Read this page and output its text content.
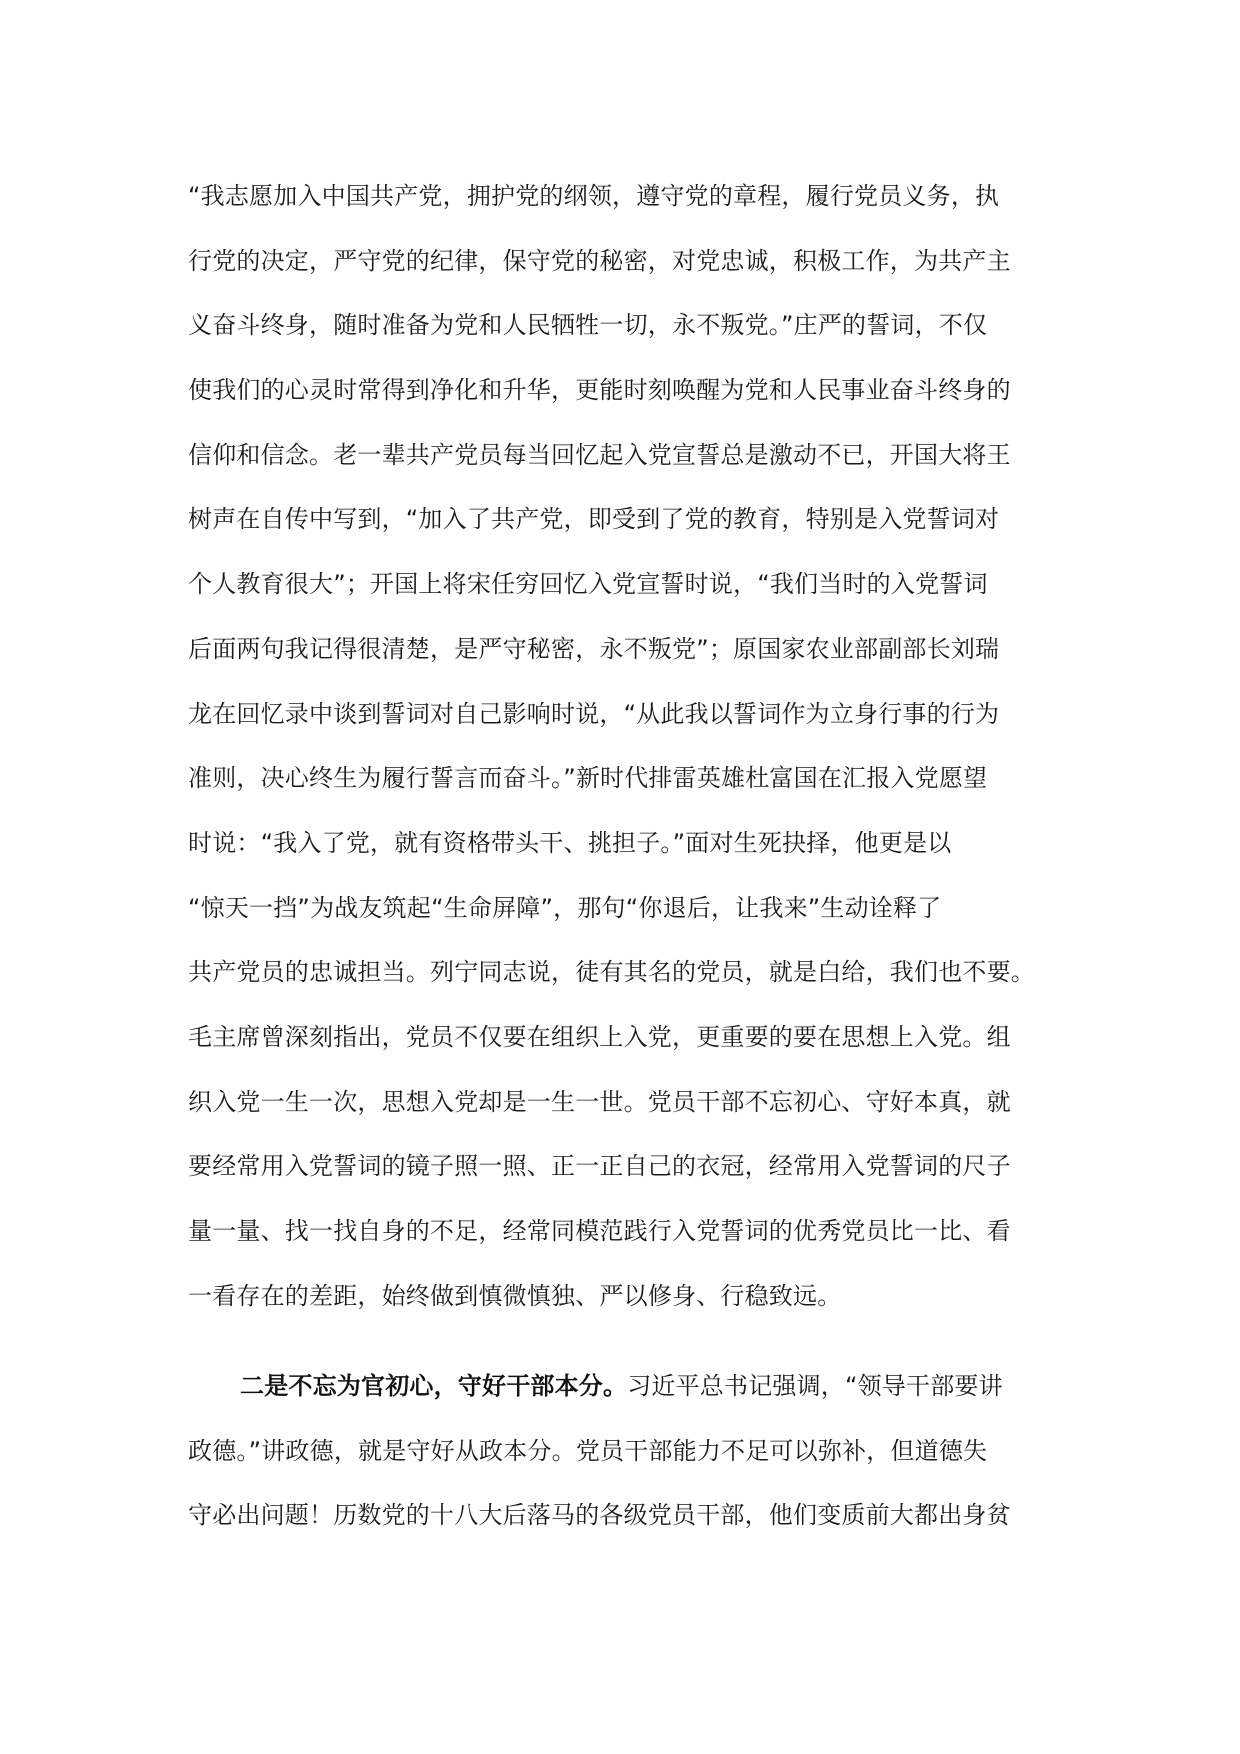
“我志愿加入中国共产党，拥护党的纲领，遵守党的章程，履行党员义务，执
行党的决定，严守党的纪律，保守党的秘密，对党忠诚，积极工作，为共产主
义奋斗终身，随时准备为党和人民牺牲一切，永不叛党。”庄严的誓词，不仅
使我们的心灵时常得到净化和升华，更能时刻唤醒为党和人民事业奋斗终身的
信仰和信念。老一辈共产党员每当回忆起入党宣誓总是激动不已，开国大将王
树声在自传中写到，“加入了共产党，即受到了党的教育，特别是入党誓词对
个人教育很大”；开国上将宋任穷回忆入党宣誓时说，“我们当时的入党誓词
后面两句我记得很清楚，是严守秘密，永不叛党”；原国家农业部副部长刘瑞
龙在回忆录中谈到誓词对自己影响时说，“从此我以誓词作为立身行事的行为
准则，决心终生为履行誓言而奋斗。”新时代排雷英雄杜富国在汇报入党愿望
时说：“我入了党，就有资格带头干、挑担子。”面对生死抉择，他更是以
“惊天一挡”为战友筑起“生命屏障”，那句“你退后，让我来”生动诠释了
共产党员的忠诚担当。列宁同志说，徒有其名的党员，就是白给，我们也不要。
毛主席曾深刻指出，党员不仅要在组织上入党，更重要的要在思想上入党。组
织入党一生一次，思想入党却是一生一世。党员干部不忘初心、守好本真，就
要经常用入党誓词的镜子照一照、正一正自己的衣冠，经常用入党誓词的尺子
量一量、找一找自身的不足，经常同模范践行入党誓词的优秀党员比一比、看
一看存在的差距，始终做到慎微慎独、严以修身、行稳致远。
二是不忘为官初心，守好干部本分。习近平总书记强调，“领导干部要讲
政德。”讲政德，就是守好从政本分。党员干部能力不足可以弥补，但道德失
守必出问题！历数党的十八大后落马的各级党员干部，他们变质前大都出身贫
